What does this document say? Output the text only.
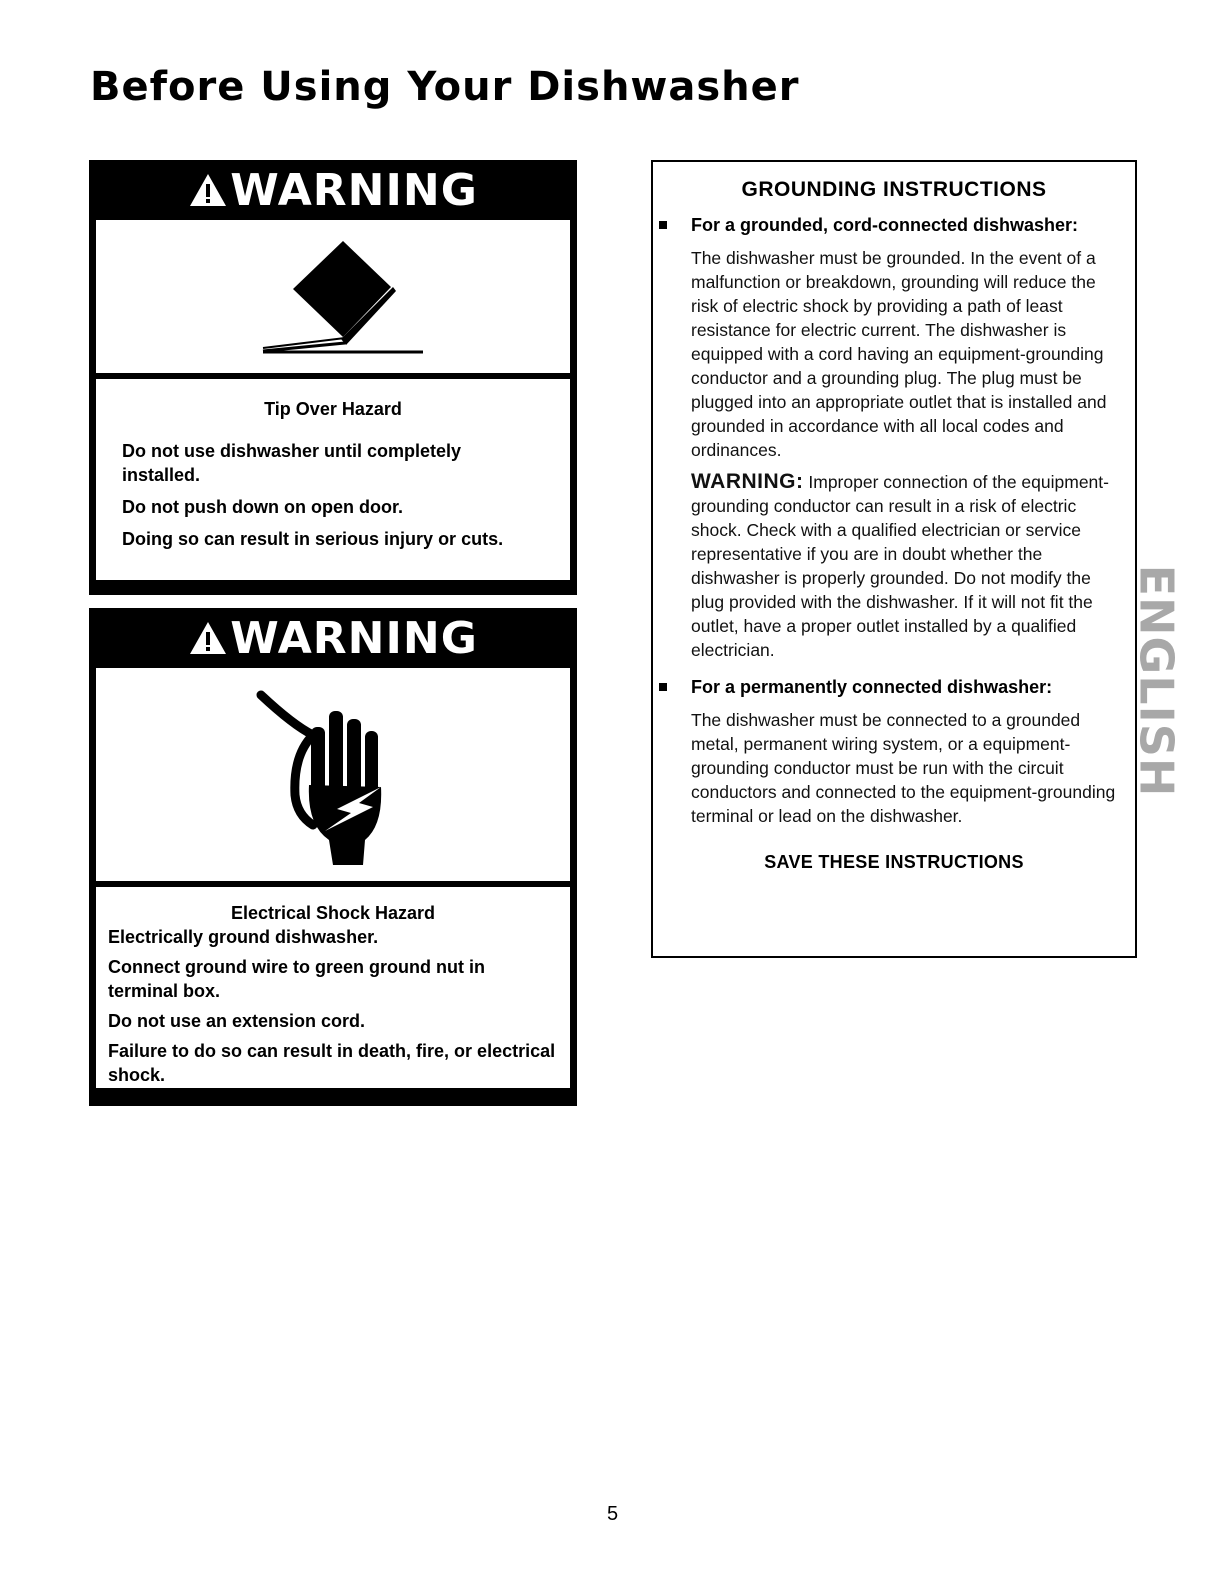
Before Using Your Dishwasher
WARNING

Tip Over Hazard

Do not use dishwasher until completely installed.

Do not push down on open door.

Doing so can result in serious injury or cuts.

WARNING

Electrical Shock Hazard

Electrically ground dishwasher.

Connect ground wire to green ground nut in terminal box.

Do not use an extension cord.

Failure to do so can result in death, fire, or electrical shock.

GROUNDING INSTRUCTIONS
For a grounded, cord-connected dishwasher:

The dishwasher must be grounded. In the event of a malfunction or breakdown, grounding will reduce the risk of electric shock by providing a path of least resistance for electric current. The dishwasher is equipped with a cord having an equipment-grounding conductor and a grounding plug. The plug must be plugged into an appropriate outlet that is installed and grounded in accordance with all local codes and ordinances.

WARNING: Improper connection of the equipment-grounding conductor can result in a risk of electric shock. Check with a qualified electrician or service representative if you are in doubt whether the dishwasher is properly grounded. Do not modify the plug provided with the dishwasher. If it will not fit the outlet, have a proper outlet installed by a qualified electrician.

For a permanently connected dishwasher:

The dishwasher must be connected to a grounded metal, permanent wiring system, or a equipment-grounding conductor must be run with the circuit conductors and connected to the equipment-grounding terminal or lead on the dishwasher.

SAVE THESE INSTRUCTIONS
ENGLISH
5
